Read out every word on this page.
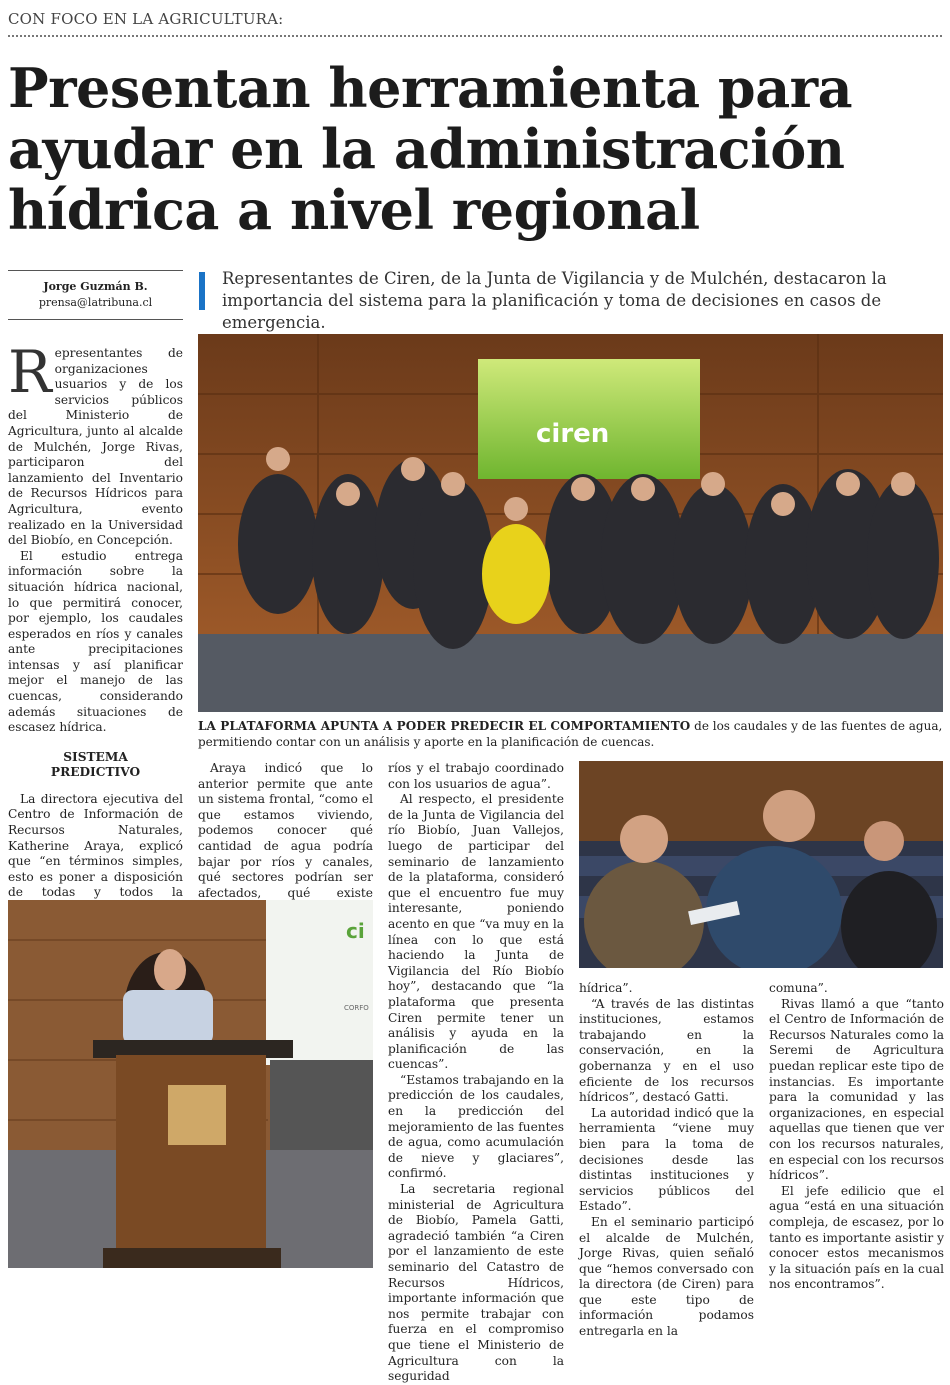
CON FOCO EN LA AGRICULTURA:
Presentan herramienta para ayudar en la administración hídrica a nivel regional
Jorge Guzmán B.
prensa@latribuna.cl
Representantes de Ciren, de la Junta de Vigilancia y de Mulchén, destacaron la importancia del sistema para la planificación y toma de decisiones en casos de emergencia.

Representantes de organizaciones usuarios y de los servicios públicos del Ministerio de Agricultura, junto al alcalde de Mulchén, Jorge Rivas, participaron del lanzamiento del Inventario de Recursos Hídricos para Agricultura, evento realizado en la Universidad del Biobío, en Concepción.

El estudio entrega información sobre la situación hídrica nacional, lo que permitirá conocer, por ejemplo, los caudales esperados en ríos y canales ante precipitaciones intensas y así planificar mejor el manejo de las cuencas, considerando además situaciones de escasez hídrica.

SISTEMA
PREDICTIVO

La directora ejecutiva del Centro de Información de Recursos Naturales, Katherine Araya, explicó que “en términos simples, esto es poner a disposición de todas y todos la

ciren
LA PLATAFORMA APUNTA A PODER PREDECIR EL COMPORTAMIENTO de los caudales y de las fuentes de agua, permitiendo contar con un análisis y aporte en la planificación de cuencas.

Araya indicó que lo anterior permite que ante un sistema frontal, “como el que estamos viviendo, podemos conocer qué cantidad de agua podría bajar por ríos y canales, qué sectores podrían ser afectados, qué existe

ci
CORFO

ríos y el trabajo coordinado con los usuarios de agua”.

Al respecto, el presidente de la Junta de Vigilancia del río Biobío, Juan Vallejos, luego de participar del seminario de lanzamiento de la plataforma, consideró que el encuentro fue muy interesante, poniendo acento en que “va muy en la línea con lo que está haciendo la Junta de Vigilancia del Río Biobío hoy”, destacando que “la plataforma que presenta Ciren permite tener un análisis y ayuda en la planificación de las cuencas”.

“Estamos trabajando en la predicción de los caudales, en la predicción del mejoramiento de las fuentes de agua, como acumulación de nieve y glaciares”, confirmó.

La secretaria regional ministerial de Agricultura de Biobío, Pamela Gatti, agradeció también “a Ciren por el lanzamiento de este seminario del Catastro de Recursos Hídricos, importante información que nos permite trabajar con fuerza en el compromiso que tiene el Ministerio de Agricultura con la seguridad

hídrica”.

“A través de las distintas instituciones, estamos trabajando en la conservación, en la gobernanza y en el uso eficiente de los recursos hídricos”, destacó Gatti.

La autoridad indicó que la herramienta “viene muy bien para la toma de decisiones desde las distintas instituciones y servicios públicos del Estado”.

En el seminario participó el alcalde de Mulchén, Jorge Rivas, quien señaló que “hemos conversado con la directora (de Ciren) para que este tipo de información podamos entregarla en la

comuna”.

Rivas llamó a que “tanto el Centro de Información de Recursos Naturales como la Seremi de Agricultura puedan replicar este tipo de instancias. Es importante para la comunidad y las organizaciones, en especial aquellas que tienen que ver con los recursos naturales, en especial con los recursos hídricos”.

El jefe edilicio que el agua “está en una situación compleja, de escasez, por lo tanto es importante asistir y conocer estos mecanismos y la situación país en la cual nos encontramos”.
